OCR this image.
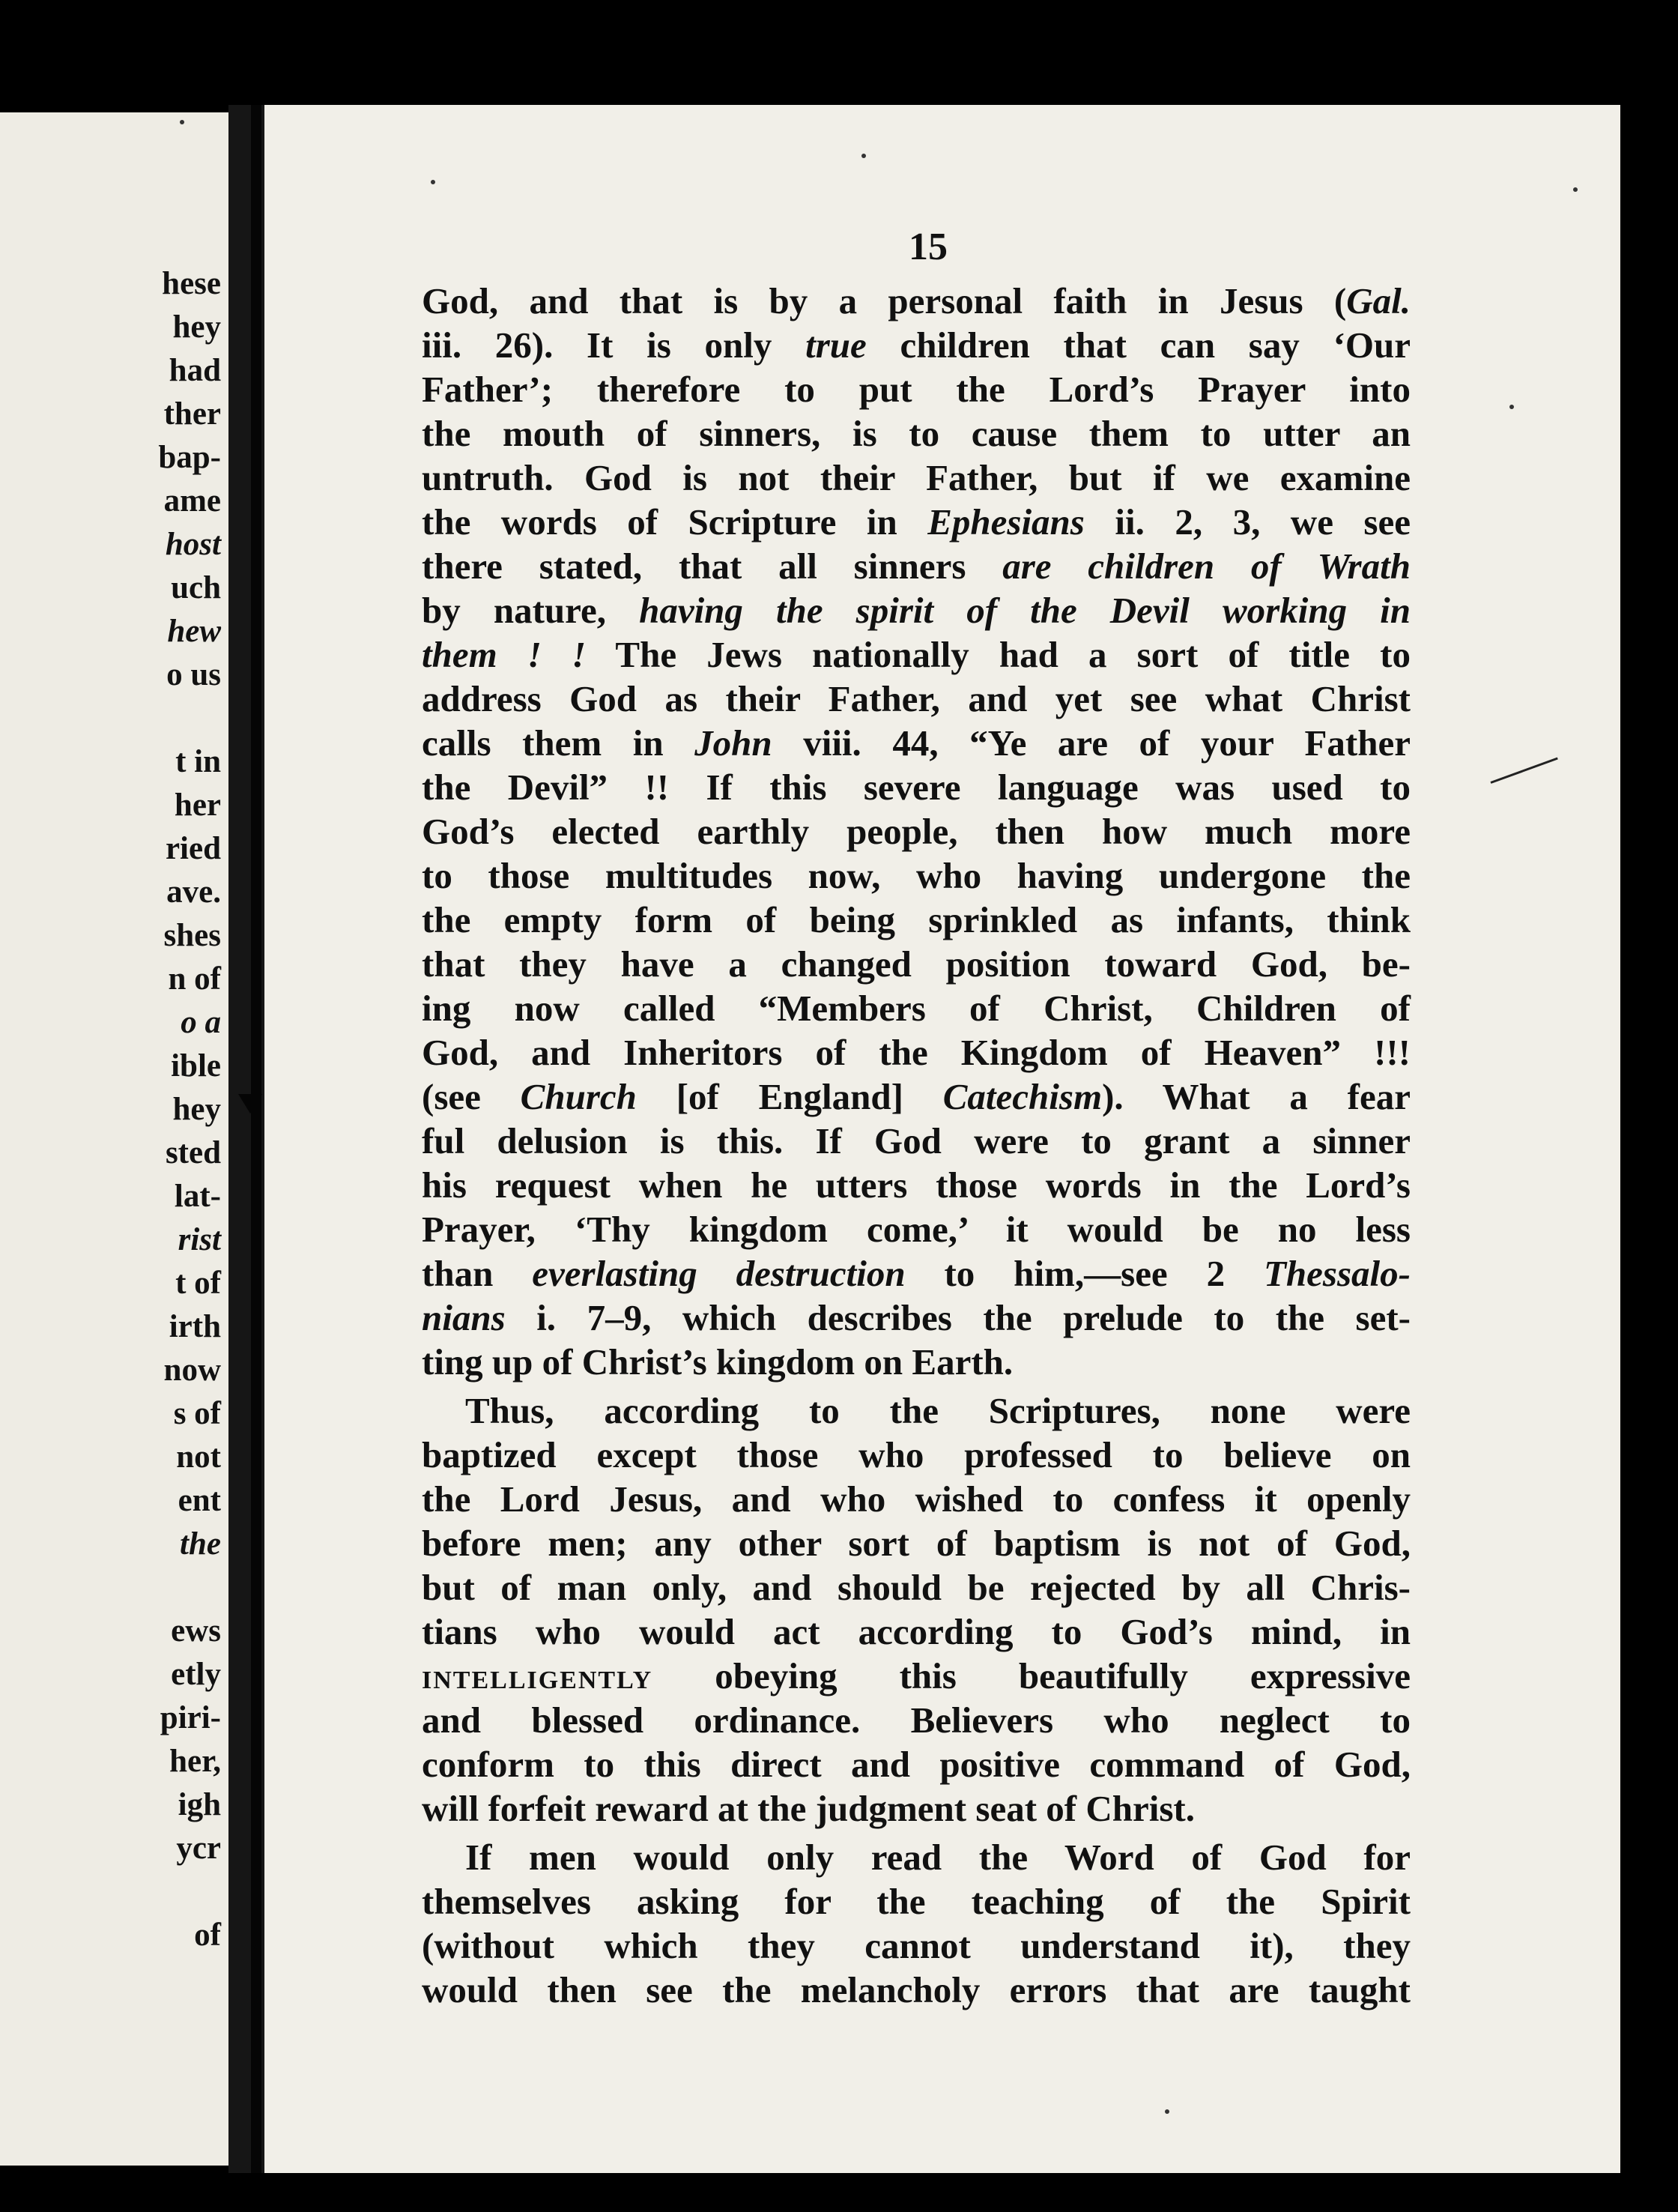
hese

hey

had

ther

bap-

ame

host

uch

hew

o us

t in

her

ried

ave.

shes

n of

o a

ible

hey

sted

lat-

rist

t of

irth

now

s of

not

ent

the

ews

etly

piri-

her,

igh

ycr

of

15

God, and that is by a personal faith in Jesus (Gal.

iii. 26). It is only true children that can say ‘Our

Father’; therefore to put the Lord’s Prayer into

the mouth of sinners, is to cause them to utter an

untruth. God is not their Father, but if we examine

the words of Scripture in Ephesians ii. 2, 3, we see

there stated, that all sinners are children of Wrath

by nature, having the spirit of the Devil working in

them ! ! The Jews nationally had a sort of title to

address God as their Father, and yet see what Christ

calls them in John viii. 44, “Ye are of your Father

the Devil” !! If this severe language was used to

God’s elected earthly people, then how much more

to those multitudes now, who having undergone the

the empty form of being sprinkled as infants, think

that they have a changed position toward God, be-

ing now called “Members of Christ, Children of

God, and Inheritors of the Kingdom of Heaven” !!!

(see Church [of England] Catechism). What a fear

ful delusion is this. If God were to grant a sinner

his request when he utters those words in the Lord’s

Prayer, ‘Thy kingdom come,’ it would be no less

than everlasting destruction to him,—see 2 Thessalo-

nians i. 7–9, which describes the prelude to the set-

ting up of Christ’s kingdom on Earth.

Thus, according to the Scriptures, none were

baptized except those who professed to believe on

the Lord Jesus, and who wished to confess it openly

before men; any other sort of baptism is not of God,

but of man only, and should be rejected by all Chris-

tians who would act according to God’s mind, in

intelligently obeying this beautifully expressive

and blessed ordinance. Believers who neglect to

conform to this direct and positive command of God,

will forfeit reward at the judgment seat of Christ.

If men would only read the Word of God for

themselves asking for the teaching of the Spirit

(without which they cannot understand it), they

would then see the melancholy errors that are taught
